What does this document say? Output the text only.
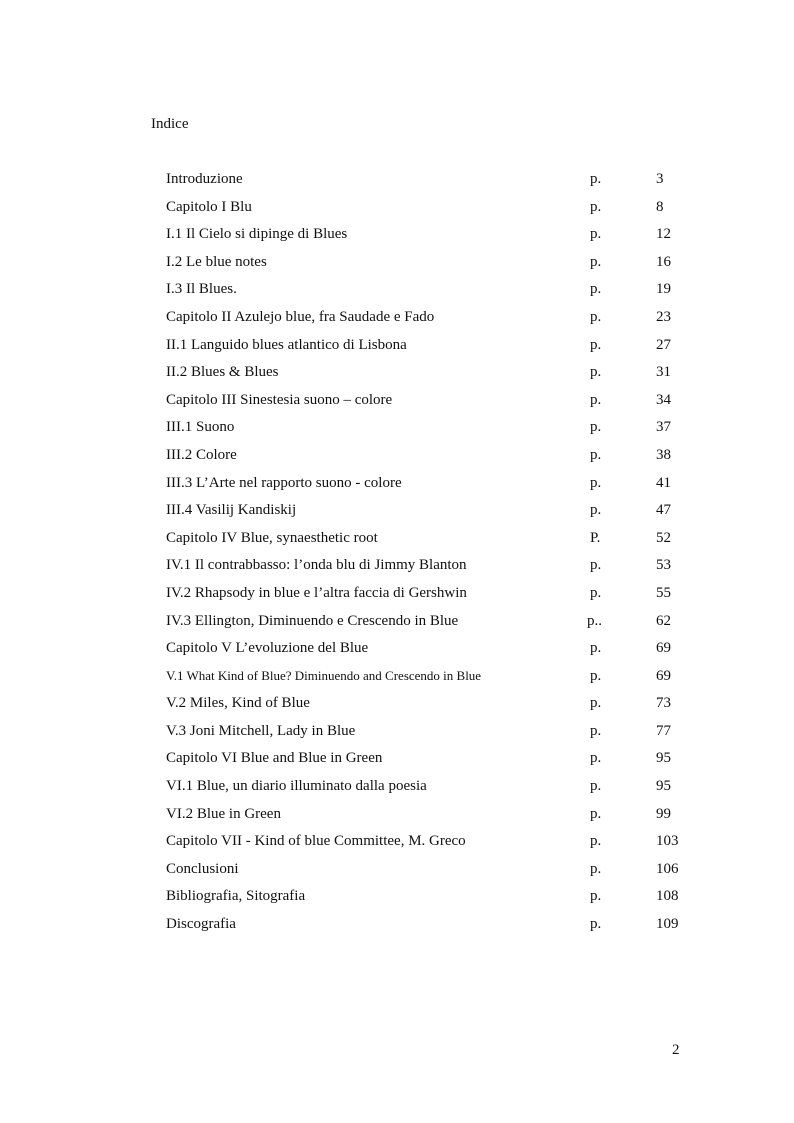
Indice
Introduzione	p.	3
Capitolo I Blu	p.	8
I.1 Il Cielo si dipinge di Blues	p.	12
I.2 Le blue notes	p.	16
I.3 Il Blues.	p.	19
Capitolo II Azulejo blue, fra Saudade e Fado	p.	23
II.1 Languido blues atlantico di Lisbona	p.	27
II.2 Blues & Blues	p.	31
Capitolo III Sinestesia suono – colore	p.	34
III.1 Suono	p.	37
III.2 Colore	p.	38
III.3 L’Arte nel rapporto suono - colore	p.	41
III.4 Vasilij Kandiskij	p.	47
Capitolo IV Blue, synaesthetic root	P.	52
IV.1 Il contrabbasso: l’onda blu di Jimmy Blanton	p.	53
IV.2 Rhapsody in blue e l’altra faccia di Gershwin	p.	55
IV.3 Ellington, Diminuendo e Crescendo in Blue	p..	62
Capitolo V L’evoluzione del Blue	p.	69
V.1 What Kind of Blue? Diminuendo and Crescendo in Blue	p.	69
V.2 Miles, Kind of Blue	p.	73
V.3 Joni Mitchell, Lady in Blue	p.	77
Capitolo VI Blue and Blue in Green	p.	95
VI.1 Blue, un diario illuminato dalla poesia	p.	95
VI.2 Blue in Green	p.	99
Capitolo VII - Kind of blue Committee, M. Greco	p.	103
Conclusioni	p.	106
Bibliografia, Sitografia	p.	108
Discografia	p.	109
2
